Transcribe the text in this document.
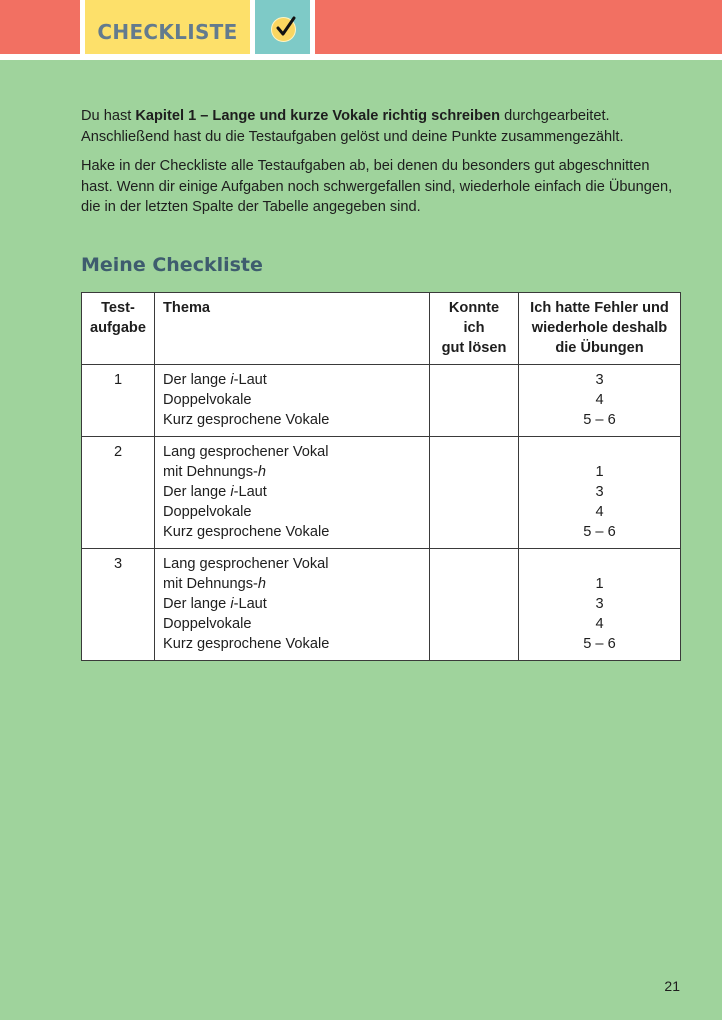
CHECKLISTE

Du hast Kapitel 1 – Lange und kurze Vokale richtig schreiben durchgearbeitet.
Anschließend hast du die Testaufgaben gelöst und deine Punkte zusammengezählt.

Hake in der Checkliste alle Testaufgaben ab, bei denen du besonders gut abgeschnitten
hast. Wenn dir einige Aufgaben noch schwergefallen sind, wiederhole einfach die Übungen,
die in der letzten Spalte der Tabelle angegeben sind.

Meine Checkliste
Test-
aufgabe	Thema	Konnte ich
gut lösen	Ich hatte Fehler und
wiederhole deshalb
die Übungen

1	Der lange i-Laut
Doppelvokale
Kurz gesprochene Vokale		3
4
5 – 6

2	Lang gesprochener Vokal
mit Dehnungs-h
Der lange i-Laut
Doppelvokale
Kurz gesprochene Vokale		1
3
4
5 – 6

3	Lang gesprochener Vokal
mit Dehnungs-h
Der lange i-Laut
Doppelvokale
Kurz gesprochene Vokale		1
3
4
5 – 6
21
